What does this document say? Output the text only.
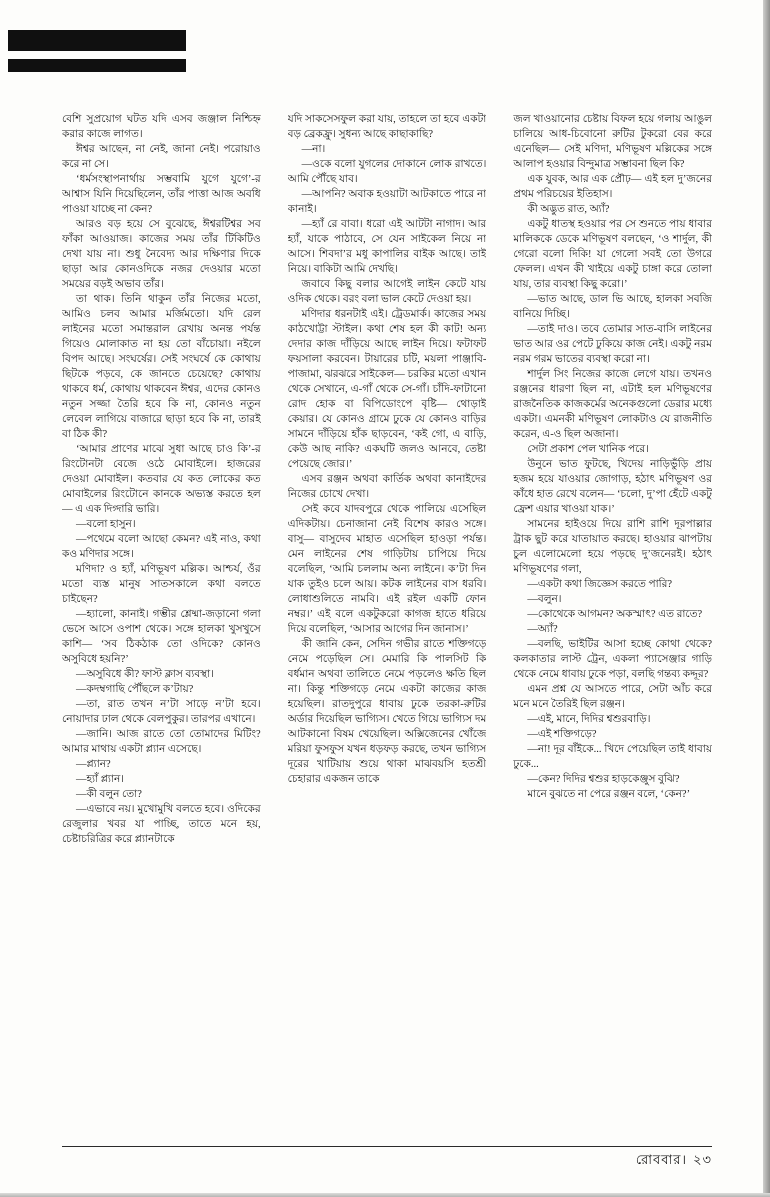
বেশি সুপ্রয়োগ ঘটত যদি এসব জঞ্জাল নিশ্চিহ্ন করার কাজে লাগত।

ঈশ্বর আছেন, না নেই, জানা নেই। পরোয়াও করে না সে।

‘ধর্মসংস্থাপনার্থায় সম্ভবামি যুগে যুগে’-র আশ্বাস যিনি দিয়েছিলেন, তাঁর পাত্তা আজ অবধি পাওয়া যাচ্ছে না কেন?

আরও বড় হয়ে সে বুঝেছে, ঈশ্বরটিশ্বর সব ফাঁকা আওয়াজ। কাজের সময় তাঁর টিকিটিও দেখা যায় না। শুধু নৈবেদ্য আর দক্ষিণার দিকে ছাড়া আর কোনওদিকে নজর দেওয়ার মতো সময়ের বড়ই অভাব তাঁর।

তা থাক। তিনি থাকুন তাঁর নিজের মতো, আমিও চলব আমার মর্জিমতো। যদি রেল লাইনের মতো সমান্তরাল রেখায় অনন্ত পর্যন্ত গিয়েও মোলাকাত না হয় তো বাঁচোয়া। নইলে বিপদ আছে। সংঘর্ষের। সেই সংঘর্ষে কে কোথায় ছিটকে পড়বে, কে জানতে চেয়েছে? কোথায় থাকবে ধর্ম, কোথায় থাকবেন ঈশ্বর, এদের কোনও নতুন সজ্জা তৈরি হবে কি না, কোনও নতুন লেবেল লাগিয়ে বাজারে ছাড়া হবে কি না, তারই বা ঠিক কী?

‘আমার প্রাণের মাঝে সুধা আছে চাও কি’-র রিংটোনটা বেজে ওঠে মোবাইলে। হাজরের দেওয়া মোবাইল। কতবার যে কত লোকের কত মোবাইলের রিংটোনে কানকে অভ্যস্ত করতে হল— এ এক দিগ্দারি ভারি।

—বলো হাসুন।

—পথেমে বলো আছো কেমন? এই নাও, কথা কও মণিদার সঙ্গে।

মণিদা? ও হ্যাঁ, মণিভূষণ মল্লিক। আশ্চর্য, ওঁর মতো ব্যস্ত মানুষ সাতসকালে কথা বলতে চাইছেন?

—হ্যালো, কানাই। গম্ভীর শ্লেষ্মা-জড়ানো গলা ভেসে আসে ওপাশ থেকে। সঙ্গে হালকা খুসখুসে কাশি— ‘সব ঠিকঠাক তো ওদিকে? কোনও অসুবিধে হয়নি?’

—অসুবিধে কী? ফাস্ট ক্লাস ব্যবস্থা।

—কদম্বগাছি পৌঁছলে ক’টায়?

—তা, রাত তখন ন’টা সাড়ে ন’টা হবে। নোয়াদার ঢাল থেকে বেলপুকুর। তারপর এখানে।

—জানি। আজ রাতে তো তোমাদের মিটিং? আমার মাথায় একটা প্ল্যান এসেছে।

—প্ল্যান?

—হ্যাঁ প্ল্যান।

—কী বলুন তো?

—এভাবে নয়। মুখোমুখি বলতে হবে। ওদিকের রেজুলার খবর যা পাচ্ছি, তাতে মনে হয়, চেষ্টাচরিত্রির করে প্ল্যানটাকে

যদি সাকসেসফুল করা যায়, তাহলে তা হবে একটা বড় ব্রেকফ্রু। সুধন্য আছে কাছাকাছি?

—না।

—ওকে বলো যুগলের দোকানে লোক রাখতে। আমি পৌঁছে যাব।

—আপনি? অবাক হওয়াটা আটকাতে পারে না কানাই।

—হ্যাঁ রে বাবা। ধরো এই আটটা নাগাদ। আর হ্যাঁ, যাকে পাঠাবে, সে যেন সাইকেল নিয়ে না আসে। শিবদা’র মধু কাপালির বাইক আছে। তাই নিয়ে। বাকিটা আমি দেখছি।

জবাবে কিছু বলার আগেই লাইন কেটে যায় ওদিক থেকে। বরং বলা ভাল কেটে দেওয়া হয়।

মণিদার ধরনটাই এই। ট্রেডমার্ক। কাজের সময় কাঠখোট্টা স্টাইল। কথা শেষ হল কী কাট! অন্য দেদার কাজ দাঁড়িয়ে আছে লাইন দিয়ে। ফটাফট ফয়সালা করবেন। টায়ারের চটি, ময়লা পাঞ্জাবি-পাজামা, ঝরঝরে সাইকেল— চরকির মতো এখান থেকে সেখানে, এ-গাঁ থেকে সে-গাঁ। চাঁদি-ফাটানো রোদ হোক বা বিপিডোংপে বৃষ্টি— থোড়াই কেয়ার। যে কোনও গ্রামে ঢুকে যে কোনও বাড়ির সামনে দাঁড়িয়ে হাঁক ছাড়বেন, ‘কই গো, এ বাড়ি, কেউ আছ নাকি? একঘটি জলও আনবে, তেষ্টা পেয়েছে জোর।’

এসব রঞ্জন অথবা কার্তিক অথবা কানাইদের নিজের চোখে দেখা।

সেই কবে যাদবপুরে থেকে পালিয়ে এসেছিল এদিকটায়। চেনাজানা নেই বিশেষ কারও সঙ্গে। বাসু— বাসুদেব মাহাত এসেছিল হাওড়া পর্যন্ত। মেন লাইনের শেষ গাড়িটায় চাপিয়ে দিয়ে বলেছিল, ‘আমি চললাম অন্য লাইনে। ক’টা দিন যাক তুইও চলে আয়। কটক লাইনের বাস ধরবি। লোধাশুলিতে নামবি। এই রইল একটি ফোন নম্বর।’ এই বলে একটুকরো কাগজ হাতে ধরিয়ে দিয়ে বলেছিল, ‘আসার আগের দিন জানাস।’

কী জানি কেন, সেদিন গভীর রাতে শক্তিগড়ে নেমে পড়েছিল সে। মেমারি কি পালসিট কি বর্ধমান অথবা তালিতে নেমে পড়লেও ক্ষতি ছিল না। কিন্তু শক্তিগড়ে নেমে একটা কাজের কাজ হয়েছিল। রাতদুপুরে ধাবায় ঢুকে তরকা-রুটির অর্ডার দিয়েছিল ভাগ্যিস। খেতে গিয়ে ভাগ্যিস দম আটকানো বিষম খেয়েছিল। অক্সিজেনের খোঁজে মরিয়া ফুসফুস যখন ধড়ফড় করছে, তখন ভাগ্যিস দূরের খাটিয়ায় শুয়ে থাকা মাঝবয়সি হতশ্রী চেহারার একজন তাকে

জল খাওয়ানোর চেষ্টায় বিফল হয়ে গলায় আঙুল চালিয়ে আধ-চিবোনো রুটির টুকরো বের করে এনেছিল— সেই মণিদা, মণিভূষণ মল্লিকের সঙ্গে আলাপ হওয়ার বিন্দুমাত্র সম্ভাবনা ছিল কি?

এক যুবক, আর এক প্রৌঢ়— এই হল দু’জনের প্রথম পরিচয়ের ইতিহাস।

কী অদ্ভুত রাত, অ্যাঁ?

একটু ধাতস্থ হওয়ার পর সে শুনতে পায় ধাবার মালিককে ডেকে মণিভূষণ বলছেন, ‘ও শার্দুল, কী গেরো বলো দিকি! যা গেলো সবই তো উগরে ফেলল। এখন কী খাইয়ে একটু চাঙ্গা করে তোলা যায়, তার ব্যবস্থা কিছু করো।’

—ভাত আছে, ডাল ভি আছে, হালকা সবজি বানিয়ে দিচ্ছি।

—তাই দাও। তবে তোমার সাত-বাসি লাইনের ভাত আর ওর পেটে ঢুকিয়ে কাজ নেই। একটু নরম নরম গরম ভাতের ব্যবস্থা করো না।

শার্দুল সিং নিজের কাজে লেগে যায়। তখনও রঞ্জনের ধারণা ছিল না, এটাই হল মণিভূষণের রাজনৈতিক কাজকর্মের অনেকগুলো ডেরার মধ্যে একটা। এমনকী মণিভূষণ লোকটাও যে রাজনীতি করেন, এ-ও ছিল অজানা।

সেটা প্রকাশ পেল খানিক পরে।

উনুনে ভাত ফুটছে, খিদেয় নাড়িভুঁড়ি প্রায় হজম হয়ে যাওয়ার জোগাড়, হঠাৎ মণিভূষণ ওর কাঁধে হাত রেখে বলেন— ‘চলো, দু’পা হেঁটে একটু ফ্রেশ এয়ার খাওয়া যাক।’

সামনের হাইওয়ে দিয়ে রাশি রাশি দূরপাল্লার ট্রাক ছুট করে যাতায়াত করছে। হাওয়ার ঝাপটায় চুল এলোমেলো হয়ে পড়ছে দু’জনেরই। হঠাৎ মণিভূষণের গলা,

—একটা কথা জিজ্ঞেস করতে পারি?

—বলুন।

—কোথেকে আগমন? অকস্মাৎ? এত রাতে?

—অ্যাঁ?

—বলছি, ভাইটির আসা হচ্ছে কোথা থেকে? কলকাতার লাস্ট ট্রেন, একলা প্যাসেঞ্জার গাড়ি থেকে নেমে ধাবায় ঢুকে পড়া, বলছি গন্তব্য কদ্দূর?

এমন প্রশ্ন যে আসতে পারে, সেটা আঁচ করে মনে মনে তৈরিই ছিল রঞ্জন।

—এই, মানে, দিদির শ্বশুরবাড়ি।

—এই শক্তিগড়ে?

—না! দূর বাঁইকে... খিদে পেয়েছিল তাই ধাবায় ঢুকে...

—কেন? দিদির শ্বশুর হাড়কেঞ্জুস বুঝি?

মানে বুঝতে না পেরে রঞ্জন বলে, ‘কেন?’

রোববার। ২৩
